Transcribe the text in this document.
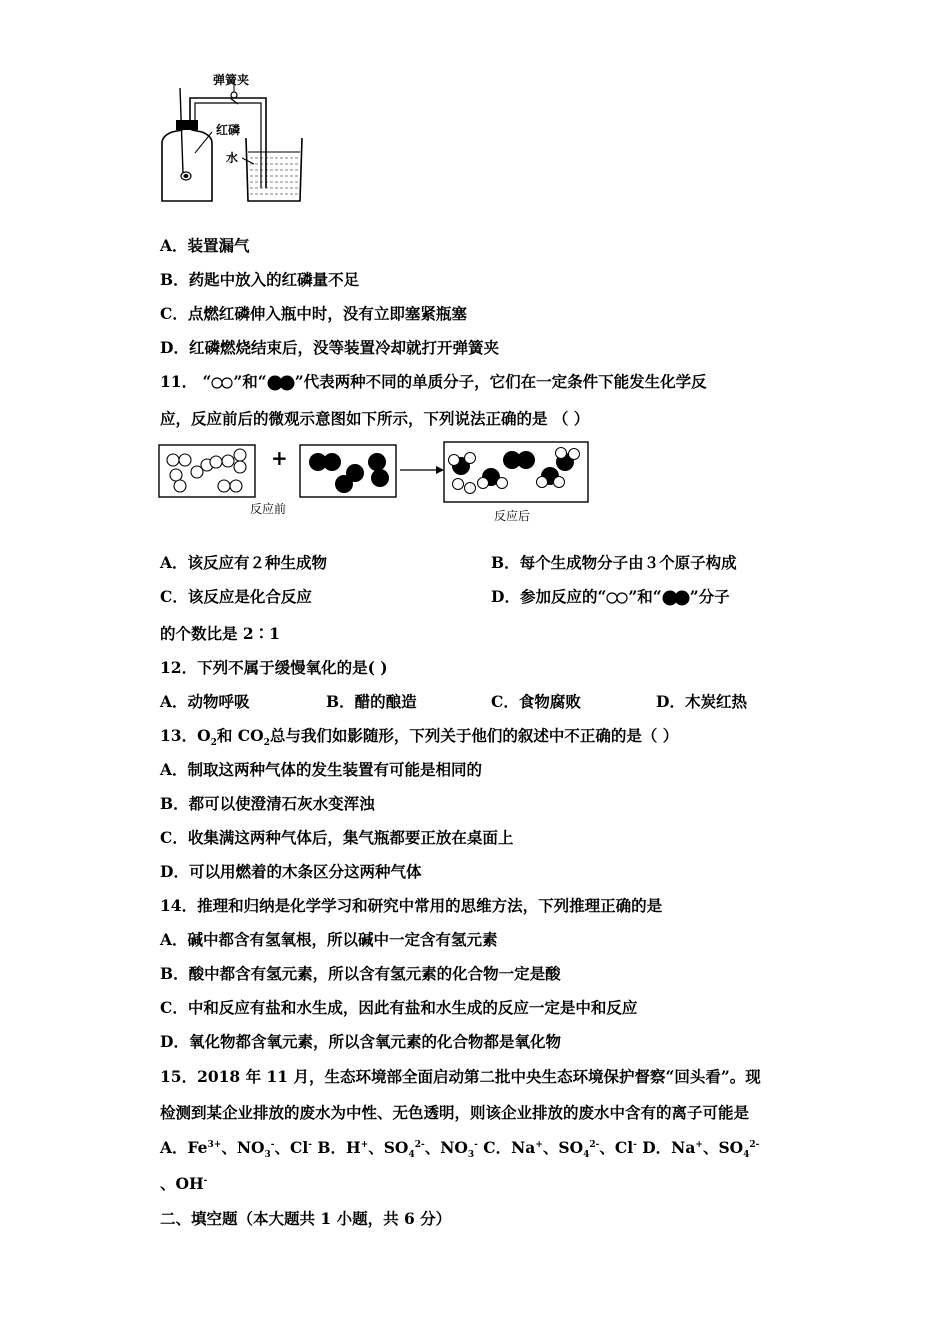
弹簧夹
红磷
水
A．装置漏气
B．药匙中放入的红磷量不足
C．点燃红磷伸入瓶中时，没有立即塞紧瓶塞
D．红磷燃烧结束后，没等装置冷却就打开弹簧夹
11． “ ”和“ ”代表两种不同的单质分子，它们在一定条件下能发生化学反
应，反应前后的微观示意图如下所示，下列说法正确的是 （ ）
+
反应前	反应后
A．该反应有２种生成物	B．每个生成物分子由３个原子构成
C．该反应是化合反应	D．参加反应的“ ”和“ ”分子
的个数比是 2∶1
12．下列不属于缓慢氧化的是( )
A．动物呼吸	B．醋的酿造	C．食物腐败	D．木炭红热
13．$O_2$和 $CO_2$总与我们如影随形，下列关于他们的叙述中不正确的是（ ）
A．制取这两种气体的发生装置有可能是相同的
B．都可以使澄清石灰水变浑浊
C．收集满这两种气体后，集气瓶都要正放在桌面上
D．可以用燃着的木条区分这两种气体
14．推理和归纳是化学学习和研究中常用的思维方法，下列推理正确的是
A．碱中都含有氢氧根，所以碱中一定含有氢元素
B．酸中都含有氢元素，所以含有氢元素的化合物一定是酸
C．中和反应有盐和水生成，因此有盐和水生成的反应一定是中和反应
D．氧化物都含氧元素，所以含氧元素的化合物都是氧化物
15．2018 年 11 月，生态环境部全面启动第二批中央生态环境保护督察“回头看”。现
检测到某企业排放的废水为中性、无色透明，则该企业排放的废水中含有的离子可能是
A．$Fe^{3+}$、$NO_3^-$、Cl- B．H+、$SO_4^{2-}$、$NO_3^-$ C．Na+、$SO_4^{2-}$、Cl- D．Na+、$SO_4^{2-}$
、OH-
二、填空题（本大题共 1 小题，共 6 分）
